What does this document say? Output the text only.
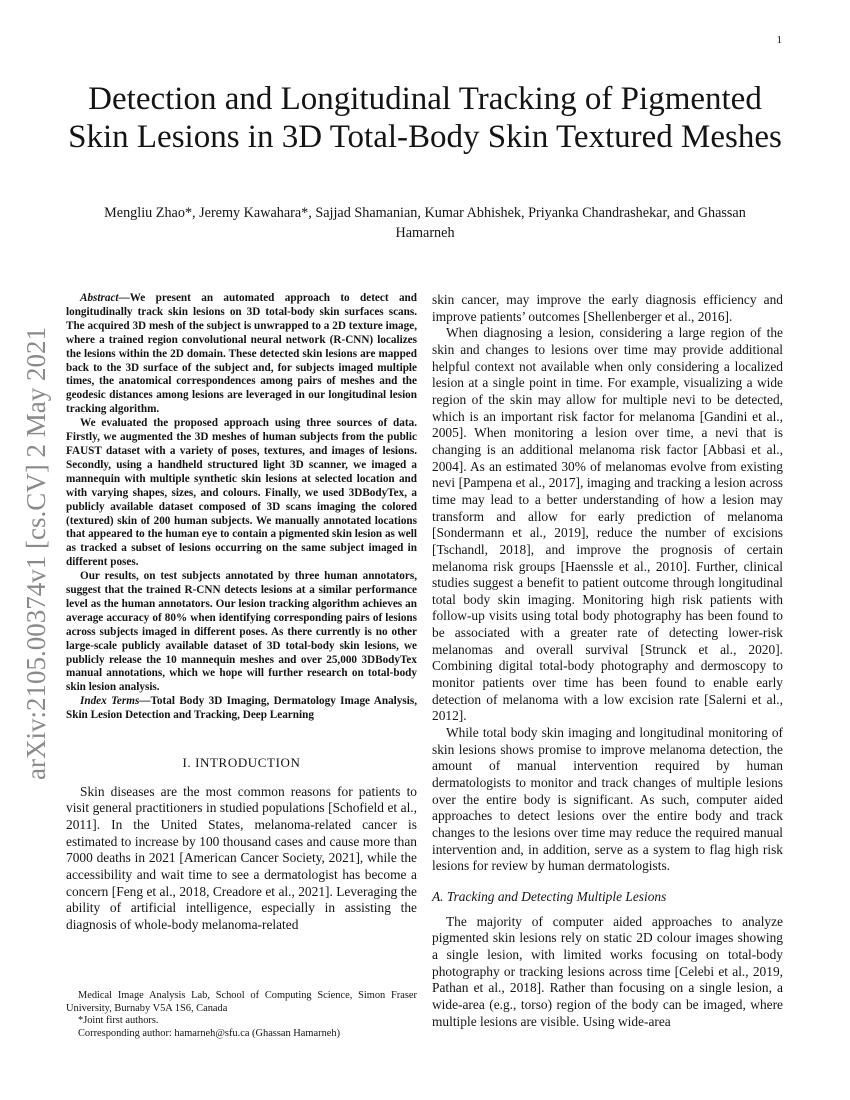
1
arXiv:2105.00374v1 [cs.CV] 2 May 2021
Detection and Longitudinal Tracking of Pigmented Skin Lesions in 3D Total-Body Skin Textured Meshes
Mengliu Zhao*, Jeremy Kawahara*, Sajjad Shamanian, Kumar Abhishek, Priyanka Chandrashekar, and Ghassan Hamarneh

Abstract—We present an automated approach to detect and longitudinally track skin lesions on 3D total-body skin surfaces scans. The acquired 3D mesh of the subject is unwrapped to a 2D texture image, where a trained region convolutional neural network (R-CNN) localizes the lesions within the 2D domain. These detected skin lesions are mapped back to the 3D surface of the subject and, for subjects imaged multiple times, the anatomical correspondences among pairs of meshes and the geodesic distances among lesions are leveraged in our longitudinal lesion tracking algorithm.

We evaluated the proposed approach using three sources of data. Firstly, we augmented the 3D meshes of human subjects from the public FAUST dataset with a variety of poses, textures, and images of lesions. Secondly, using a handheld structured light 3D scanner, we imaged a mannequin with multiple synthetic skin lesions at selected location and with varying shapes, sizes, and colours. Finally, we used 3DBodyTex, a publicly available dataset composed of 3D scans imaging the colored (textured) skin of 200 human subjects. We manually annotated locations that appeared to the human eye to contain a pigmented skin lesion as well as tracked a subset of lesions occurring on the same subject imaged in different poses.

Our results, on test subjects annotated by three human annotators, suggest that the trained R-CNN detects lesions at a similar performance level as the human annotators. Our lesion tracking algorithm achieves an average accuracy of 80% when identifying corresponding pairs of lesions across subjects imaged in different poses. As there currently is no other large-scale publicly available dataset of 3D total-body skin lesions, we publicly release the 10 mannequin meshes and over 25,000 3DBodyTex manual annotations, which we hope will further research on total-body skin lesion analysis.

Index Terms—Total Body 3D Imaging, Dermatology Image Analysis, Skin Lesion Detection and Tracking, Deep Learning

I. INTRODUCTION

Skin diseases are the most common reasons for patients to visit general practitioners in studied populations [Schofield et al., 2011]. In the United States, melanoma-related cancer is estimated to increase by 100 thousand cases and cause more than 7000 deaths in 2021 [American Cancer Society, 2021], while the accessibility and wait time to see a dermatologist has become a concern [Feng et al., 2018, Creadore et al., 2021]. Leveraging the ability of artificial intelligence, especially in assisting the diagnosis of whole-body melanoma-related

Medical Image Analysis Lab, School of Computing Science, Simon Fraser University, Burnaby V5A 1S6, Canada

*Joint first authors.

Corresponding author: hamarneh@sfu.ca (Ghassan Hamarneh)

skin cancer, may improve the early diagnosis efficiency and improve patients’ outcomes [Shellenberger et al., 2016].

When diagnosing a lesion, considering a large region of the skin and changes to lesions over time may provide additional helpful context not available when only considering a localized lesion at a single point in time. For example, visualizing a wide region of the skin may allow for multiple nevi to be detected, which is an important risk factor for melanoma [Gandini et al., 2005]. When monitoring a lesion over time, a nevi that is changing is an additional melanoma risk factor [Abbasi et al., 2004]. As an estimated 30% of melanomas evolve from existing nevi [Pampena et al., 2017], imaging and tracking a lesion across time may lead to a better understanding of how a lesion may transform and allow for early prediction of melanoma [Sondermann et al., 2019], reduce the number of excisions [Tschandl, 2018], and improve the prognosis of certain melanoma risk groups [Haenssle et al., 2010]. Further, clinical studies suggest a benefit to patient outcome through longitudinal total body skin imaging. Monitoring high risk patients with follow-up visits using total body photography has been found to be associated with a greater rate of detecting lower-risk melanomas and overall survival [Strunck et al., 2020]. Combining digital total-body photography and dermoscopy to monitor patients over time has been found to enable early detection of melanoma with a low excision rate [Salerni et al., 2012].

While total body skin imaging and longitudinal monitoring of skin lesions shows promise to improve melanoma detection, the amount of manual intervention required by human dermatologists to monitor and track changes of multiple lesions over the entire body is significant. As such, computer aided approaches to detect lesions over the entire body and track changes to the lesions over time may reduce the required manual intervention and, in addition, serve as a system to flag high risk lesions for review by human dermatologists.

A. Tracking and Detecting Multiple Lesions

The majority of computer aided approaches to analyze pigmented skin lesions rely on static 2D colour images showing a single lesion, with limited works focusing on total-body photography or tracking lesions across time [Celebi et al., 2019, Pathan et al., 2018]. Rather than focusing on a single lesion, a wide-area (e.g., torso) region of the body can be imaged, where multiple lesions are visible. Using wide-area
